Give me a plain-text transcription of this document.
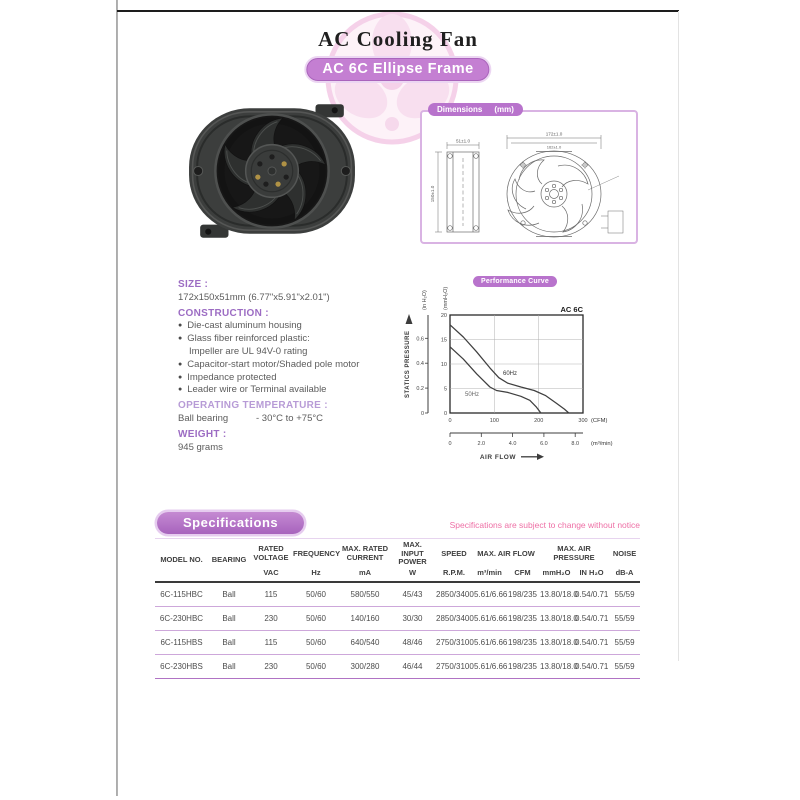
AC Cooling Fan
AC 6C Ellipse Frame
Dimensions (mm)
51±1.0
150±1.0
172±1.0
162±1.0
SIZE :
172x150x51mm (6.77"x5.91"x2.01")
CONSTRUCTION :
● Die-cast aluminum housing
● Glass fiber reinforced plastic:
Impeller are UL 94V-0 rating
● Capacitor-start motor/Shaded pole motor
● Impedance protected
● Leader wire or Terminal available
OPERATING TEMPERATURE :
Ball bearing	- 30°C to +75°C
WEIGHT :
945 grams
Performance Curve
(in H₂O)	(mmH₂O)
STATICS PRESSURE 0.6
0.4
0.2
0
20
15
10
5
0
AC 6C
60Hz
50Hz
0	100	200	300 (CFM)
0	2.0	4.0	6.0	8.0 (m³/min)
AIR FLOW
Specifications	Specifications are subject to change without notice
MODEL NO.	BEARING	RATED VOLTAGE	FREQUENCY	MAX. RATED CURRENT	MAX. INPUT POWER	SPEED	MAX. AIR FLOW		MAX. AIR PRESSURE		NOISE
		VAC	Hz	mA	W	R.P.M.	m³/min	CFM	mmH₂O	IN H₂O	dB-A
6C-115HBC	Ball	115	50/60	580/550	45/43	2850/3400	5.61/6.66	198/235	13.80/18.0	0.54/0.71	55/59
6C-230HBC	Ball	230	50/60	140/160	30/30	2850/3400	5.61/6.66	198/235	13.80/18.0	0.54/0.71	55/59
6C-115HBS	Ball	115	50/60	640/540	48/46	2750/3100	5.61/6.66	198/235	13.80/18.0	0.54/0.71	55/59
6C-230HBS	Ball	230	50/60	300/280	46/44	2750/3100	5.61/6.66	198/235	13.80/18.0	0.54/0.71	55/59
